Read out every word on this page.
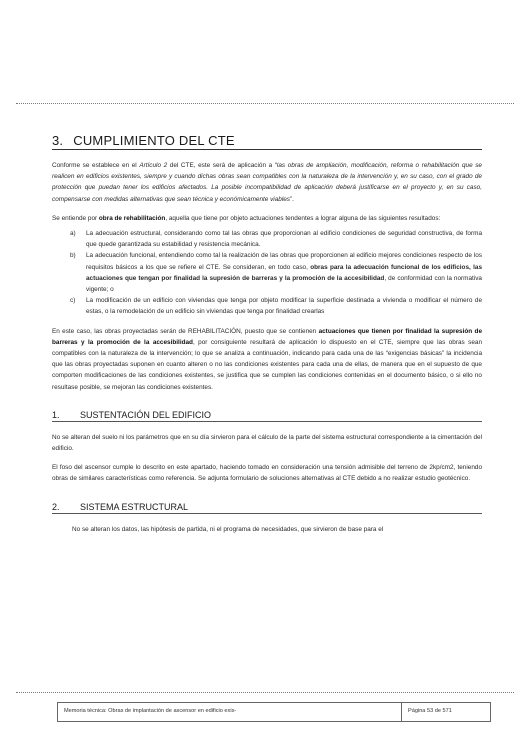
3. CUMPLIMIENTO DEL CTE

Conforme se establece en el Artículo 2 del CTE, este será de aplicación a “las obras de ampliación, modificación, reforma o rehabilitación que se realicen en edificios existentes, siempre y cuando dichas obras sean compatibles con la naturaleza de la intervención y, en su caso, con el grado de protección que puedan tener los edificios afectados. La posible incompatibilidad de aplicación deberá justificarse en el proyecto y, en su caso, compensarse con medidas alternativas que sean técnica y económicamente viables”.

Se entiende por obra de rehabilitación, aquella que tiene por objeto actuaciones tendentes a lograr alguna de las siguientes resultados:

a)	La adecuación estructural, considerando como tal las obras que proporcionan al edificio condiciones de seguridad constructiva, de forma que quede garantizada su estabilidad y resistencia mecánica.
b)	La adecuación funcional, entendiendo como tal la realización de las obras que proporcionen al edificio mejores condiciones respecto de los requisitos básicos a los que se refiere el CTE. Se consideran, en todo caso, obras para la adecuación funcional de los edificios, las actuaciones que tengan por finalidad la supresión de barreras y la promoción de la accesibilidad, de conformidad con la normativa vigente; o
c)	La modificación de un edificio con viviendas que tenga por objeto modificar la superficie destinada a vivienda o modificar el número de estas, o la remodelación de un edificio sin viviendas que tenga por finalidad crearlas

En este caso, las obras proyectadas serán de REHABILITACIÓN, puesto que se contienen actuaciones que tienen por finalidad la supresión de barreras y la promoción de la accesibilidad, por consiguiente resultará de aplicación lo dispuesto en el CTE, siempre que las obras sean compatibles con la naturaleza de la intervención; lo que se analiza a continuación, indicando para cada una de las “exigencias básicas” la incidencia que las obras proyectadas suponen en cuanto alteren o no las condiciones existentes para cada una de ellas, de manera que en el supuesto de que comporten modificaciones de las condiciones existentes, se justifica que se cumplen las condiciones contenidas en el documento básico, o si ello no resultase posible, se mejoran las condiciones existentes.

1.	SUSTENTACIÓN DEL EDIFICIO

No se alteran del suelo ni los parámetros que en su día sirvieron para el cálculo de la parte del sistema estructural correspondiente a la cimentación del edificio.

El foso del ascensor cumple lo descrito en este apartado, haciendo tomado en consideración una tensión admisible del terreno de 2kp/cm2, teniendo obras de similares características como referencia. Se adjunta formulario de soluciones alternativas al CTE debido a no realizar estudio geotécnico.

2.	SISTEMA ESTRUCTURAL

No se alteran los datos, las hipótesis de partida, ni el programa de necesidades, que sirvieron de base para el

Memoria técnica: Obras de implantación de ascensor en edificio exis-	Página 53 de 571
